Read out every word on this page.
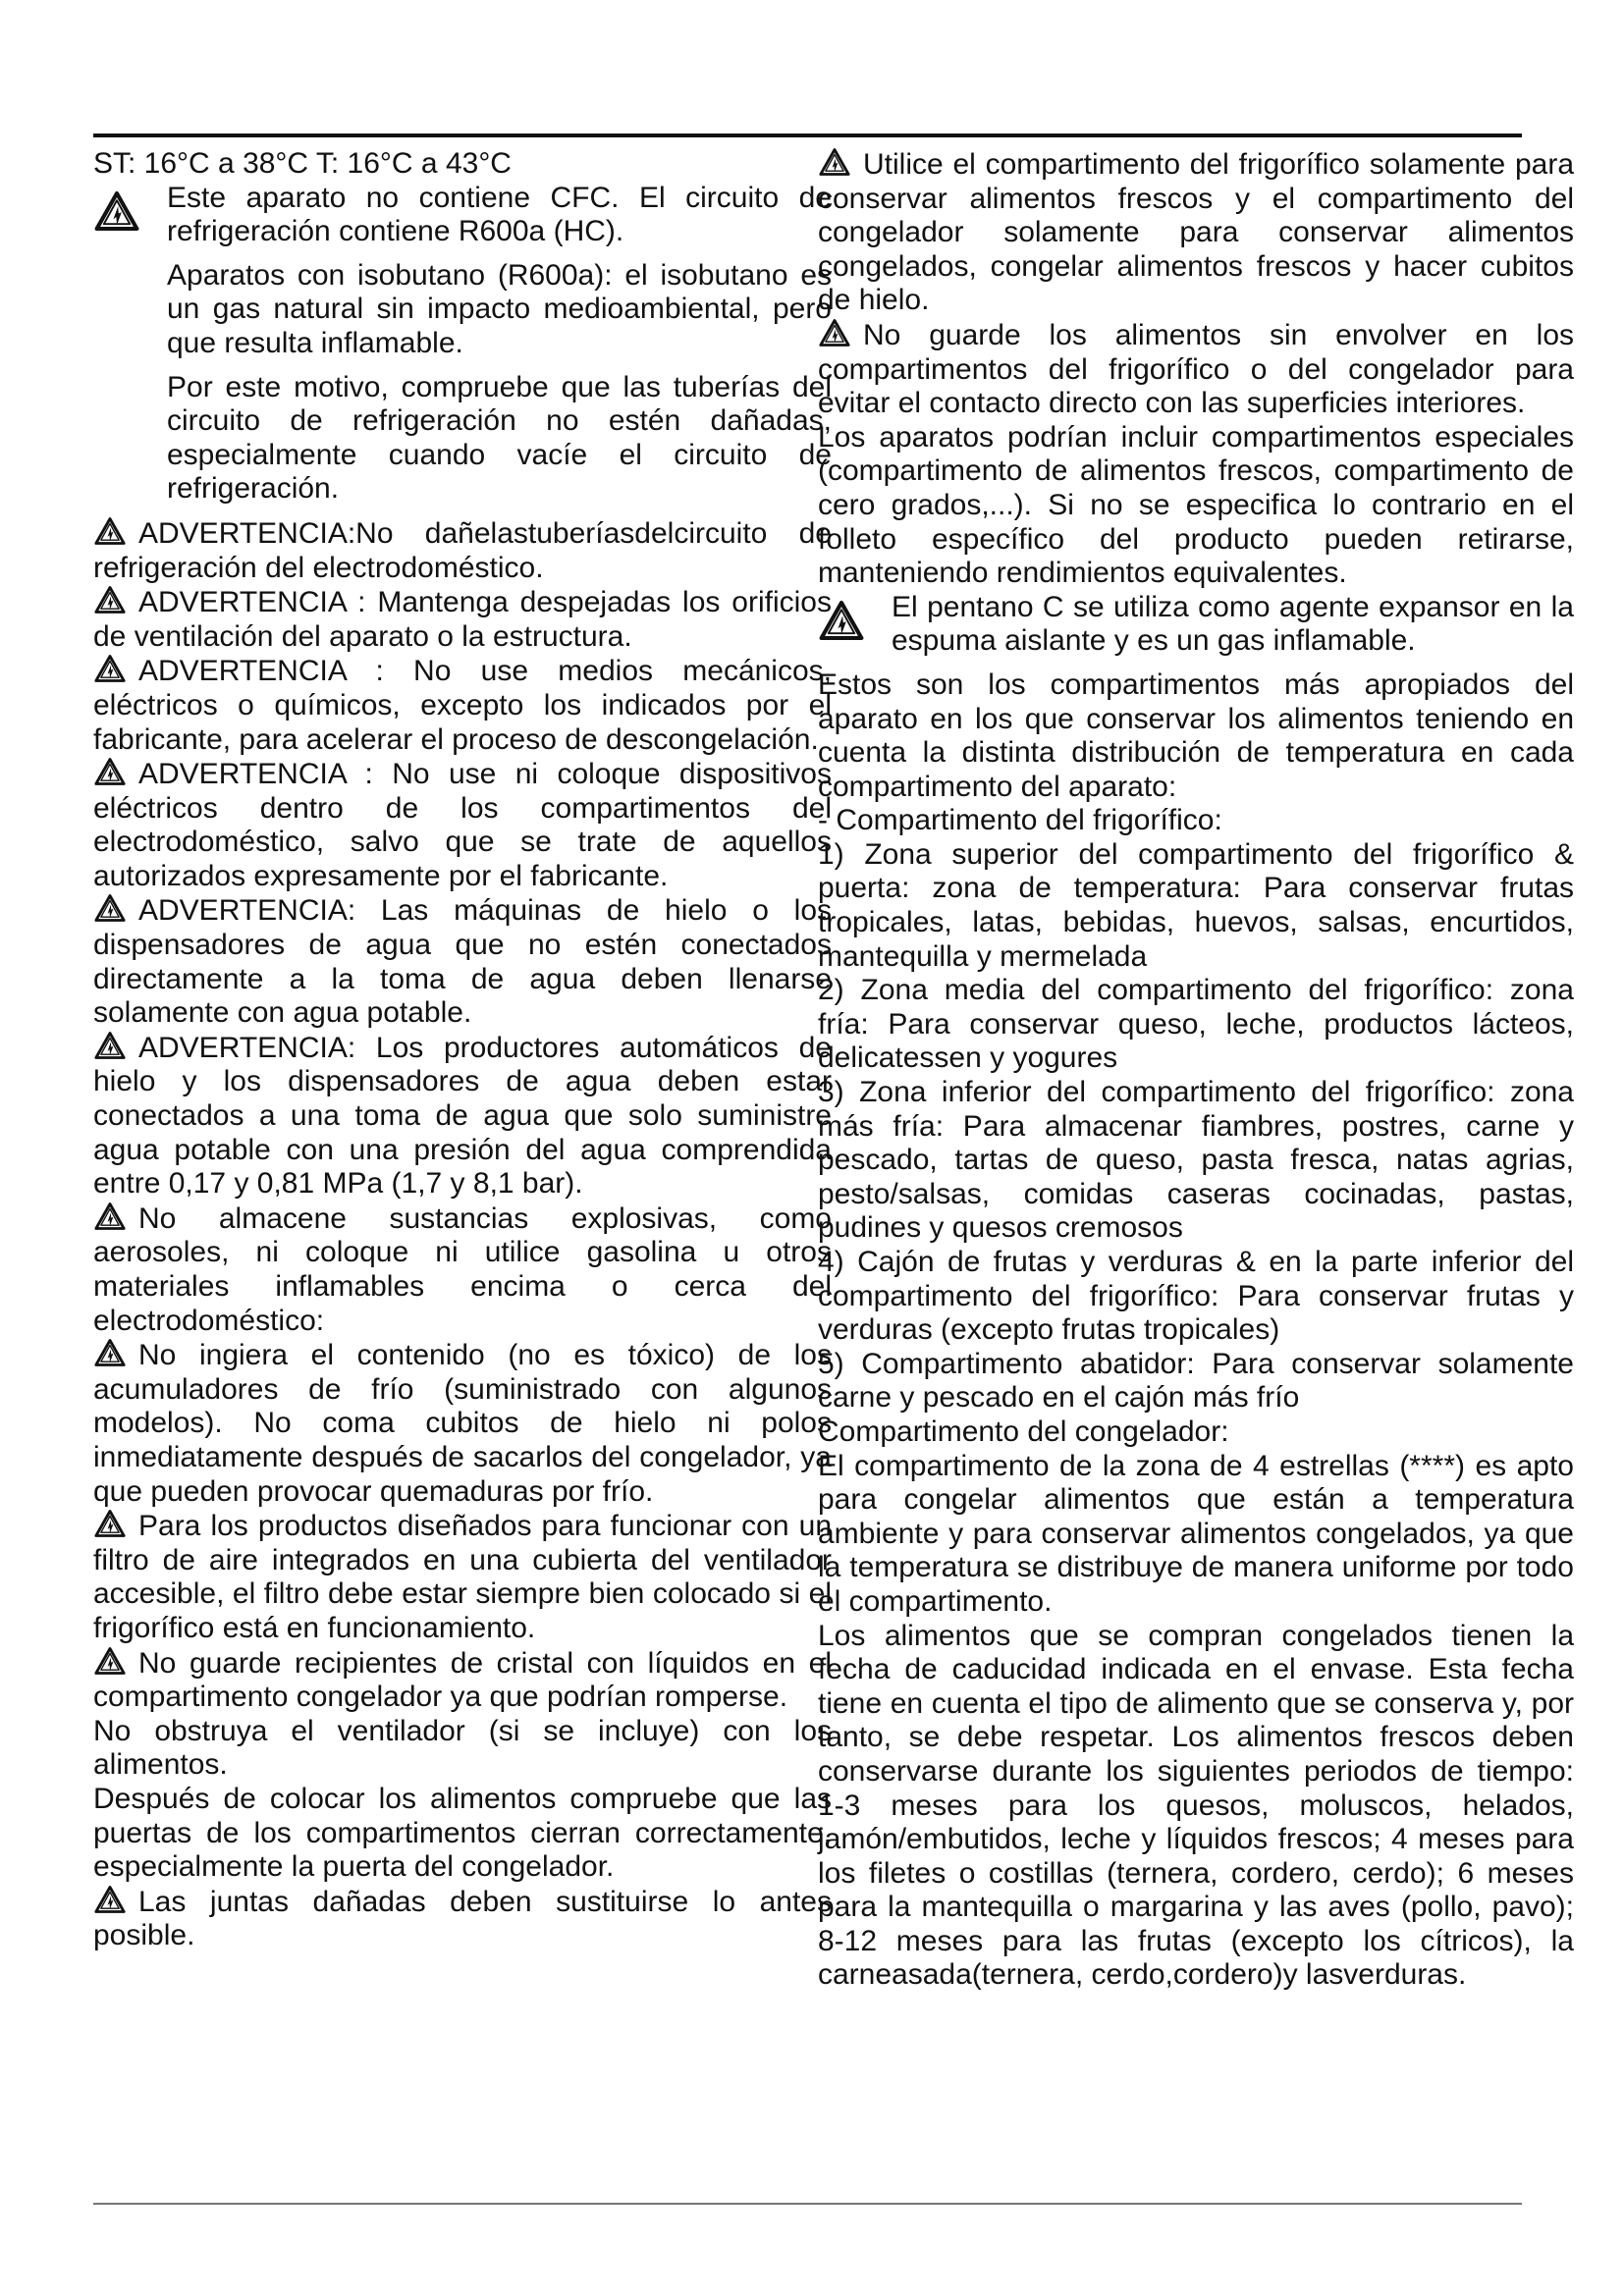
ST: 16°C a 38°C T: 16°C a 43°C

Este aparato no contiene CFC. El circuito de refrigeración contiene R600a (HC).

Aparatos con isobutano (R600a): el isobutano es un gas natural sin impacto medioambiental, pero que resulta inflamable.

Por este motivo, compruebe que las tuberías del circuito de refrigeración no estén dañadas, especialmente cuando vacíe el circuito de refrigeración.

ADVERTENCIA:No dañelastuberíasdelcircuito de refrigeración del electrodoméstico.

ADVERTENCIA : Mantenga despejadas los orificios de ventilación del aparato o la estructura.

ADVERTENCIA : No use medios mecánicos, eléctricos o químicos, excepto los indicados por el fabricante, para acelerar el proceso de descongelación.

ADVERTENCIA : No use ni coloque dispositivos eléctricos dentro de los compartimentos del electrodoméstico, salvo que se trate de aquellos autorizados expresamente por el fabricante.

ADVERTENCIA: Las máquinas de hielo o los dispensadores de agua que no estén conectados directamente a la toma de agua deben llenarse solamente con agua potable.

ADVERTENCIA: Los productores automáticos de hielo y los dispensadores de agua deben estar conectados a una toma de agua que solo suministre agua potable con una presión del agua comprendida entre 0,17 y 0,81 MPa (1,7 y 8,1 bar).

No almacene sustancias explosivas, como aerosoles, ni coloque ni utilice gasolina u otros materiales inflamables encima o cerca del electrodoméstico:

No ingiera el contenido (no es tóxico) de los acumuladores de frío (suministrado con algunos modelos). No coma cubitos de hielo ni polos inmediatamente después de sacarlos del congelador, ya que pueden provocar quemaduras por frío.

Para los productos diseñados para funcionar con un filtro de aire integrados en una cubierta del ventilador accesible, el filtro debe estar siempre bien colocado si el frigorífico está en funcionamiento.

No guarde recipientes de cristal con líquidos en el compartimento congelador ya que podrían romperse.

No obstruya el ventilador (si se incluye) con los alimentos.

Después de colocar los alimentos compruebe que las puertas de los compartimentos cierran correctamente, especialmente la puerta del congelador.

Las juntas dañadas deben sustituirse lo antes posible.

Utilice el compartimento del frigorífico solamente para conservar alimentos frescos y el compartimento del congelador solamente para conservar alimentos congelados, congelar alimentos frescos y hacer cubitos de hielo.

No guarde los alimentos sin envolver en los compartimentos del frigorífico o del congelador para evitar el contacto directo con las superficies interiores.

Los aparatos podrían incluir compartimentos especiales (compartimento de alimentos frescos, compartimento de cero grados,...). Si no se especifica lo contrario en el folleto específico del producto pueden retirarse, manteniendo rendimientos equivalentes.

El pentano C se utiliza como agente expansor en la espuma aislante y es un gas inflamable.

Estos son los compartimentos más apropiados del aparato en los que conservar los alimentos teniendo en cuenta la distinta distribución de temperatura en cada compartimento del aparato:

- Compartimento del frigorífico:

1) Zona superior del compartimento del frigorífico & puerta: zona de temperatura: Para conservar frutas tropicales, latas, bebidas, huevos, salsas, encurtidos, mantequilla y mermelada

2) Zona media del compartimento del frigorífico: zona fría: Para conservar queso, leche, productos lácteos, delicatessen y yogures

3) Zona inferior del compartimento del frigorífico: zona más fría: Para almacenar fiambres, postres, carne y pescado, tartas de queso, pasta fresca, natas agrias, pesto/salsas, comidas caseras cocinadas, pastas, pudines y quesos cremosos

4) Cajón de frutas y verduras & en la parte inferior del compartimento del frigorífico: Para conservar frutas y verduras (excepto frutas tropicales)

5) Compartimento abatidor: Para conservar solamente carne y pescado en el cajón más frío

Compartimento del congelador:

El compartimento de la zona de 4 estrellas (****) es apto para congelar alimentos que están a temperatura ambiente y para conservar alimentos congelados, ya que la temperatura se distribuye de manera uniforme por todo el compartimento.

Los alimentos que se compran congelados tienen la fecha de caducidad indicada en el envase. Esta fecha tiene en cuenta el tipo de alimento que se conserva y, por tanto, se debe respetar. Los alimentos frescos deben conservarse durante los siguientes periodos de tiempo: 1-3 meses para los quesos, moluscos, helados, jamón/embutidos, leche y líquidos frescos; 4 meses para los filetes o costillas (ternera, cordero, cerdo); 6 meses para la mantequilla o margarina y las aves (pollo, pavo); 8-12 meses para las frutas (excepto los cítricos), la carneasada(ternera, cerdo,cordero)y lasverduras.
